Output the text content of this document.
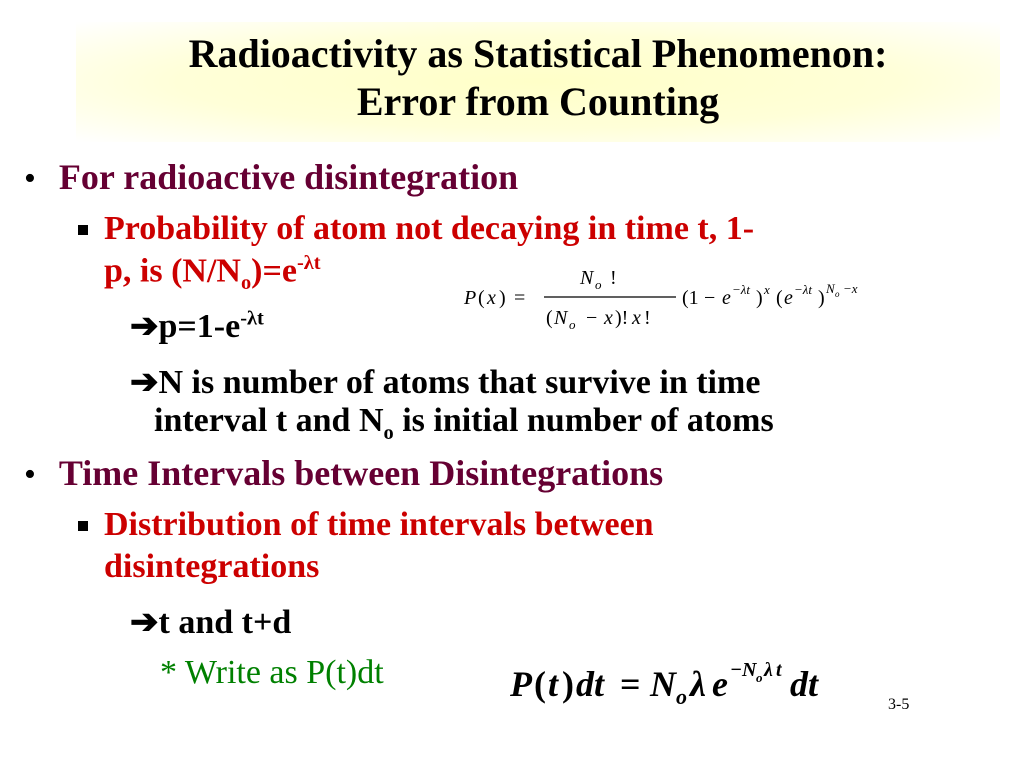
Radioactivity as Statistical Phenomenon:
Error from Counting
• For radioactive disintegration
Probability of atom not decaying in time t, 1-
p, is $(N/N_o)=e^{-\lambda t}$
P ( x ) =
N o !
( N o − x )! x !
(1 − e −λt ) x ( e −λt ) N o −x
$➔p=1-e^{-\lambda t}$
➔N is number of atoms that survive in time
interval t and $N_o$ is initial number of atoms
• Time Intervals between Disintegrations
Distribution of time intervals between
disintegrations
➔t and t+d
* Write as P(t)dt	P ( t ) dt = N o λ e − N o λ t dt
3-5
